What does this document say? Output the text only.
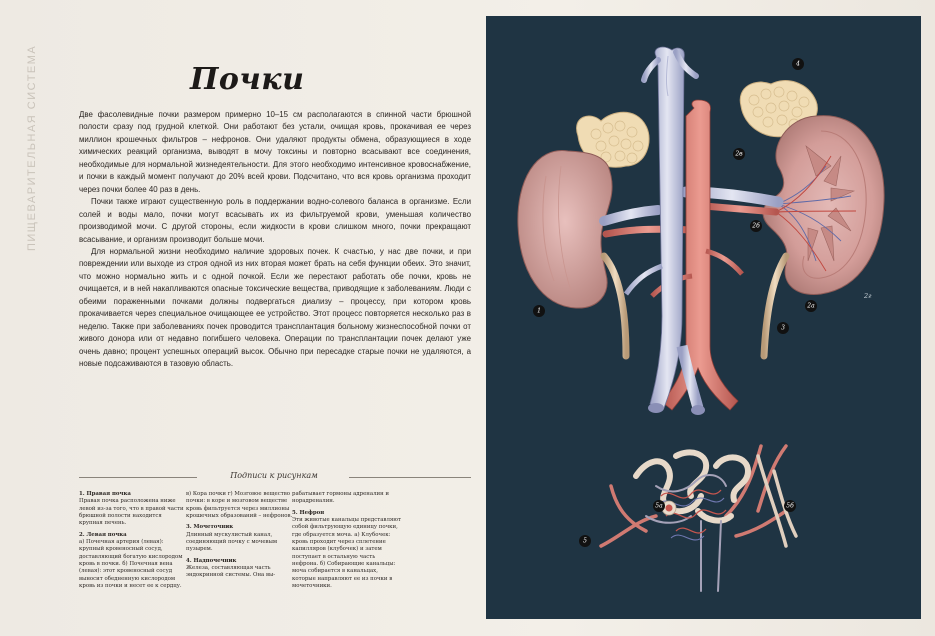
ПИЩЕВАРИТЕЛЬНАЯ СИСТЕМА	Почки

Две фасолевидные почки размером примерно 10–15 см располагаются в спинной части брюшной полости сразу под грудной клеткой. Они работают без устали, очищая кровь, прокачивая ее через миллион крошечных фильтров – нефронов. Они удаляют продукты обмена, образующиеся в ходе химических реакций организма, выводят в мочу токсины и повторно всасывают все соединения, необходимые для нормальной жизнедеятельности. Для этого необходимо интенсивное кровоснабжение, и почки в каждый момент получают до 20% всей крови. Подсчитано, что вся кровь организма проходит через почки более 40 раз в день.

Почки также играют существенную роль в поддержании водно-солевого баланса в организме. Если солей и воды мало, почки могут всасывать их из фильтруемой крови, уменьшая количество производимой мочи. С другой стороны, если жидкости в крови слишком много, почки прекращают всасывание, и организм производит больше мочи.

Для нормальной жизни необходимо наличие здоровых почек. К счастью, у нас две почки, и при повреждении или выходе из строя одной из них вторая может брать на себя функции обеих. Это значит, что можно нормально жить и с одной почкой. Если же перестают работать обе почки, кровь не очищается, и в ней накапливаются опасные токсические вещества, приводящие к заболеваниям. Люди с обеими пораженными почками должны подвергаться диализу – процессу, при котором кровь прокачивается через специальное очищающее ее устройство. Этот процесс повторяется несколько раз в неделю. Также при заболеваниях почек проводится трансплантация больному жизнеспособной почки от живого донора или от недавно погибшего человека. Операции по трансплантации почек делают уже очень давно; процент успешных операций высок. Обычно при пересадке старые почки не удаляются, а новые подсаживаются в тазовую область.

Подписи к рисункам

1. Правая почка

Правая почка расположена ниже левой из-за того, что в правой части брюшной полости находится крупная печень.

2. Левая почка

a) Почечная артерия (левая): крупный кровеносный сосуд, доставляющий богатую кислородом кровь в почки. б) Почечная вена (левая): этот кровеносный сосуд выносит обедненную кислородом кровь из почки и несет ее к сердцу.

в) Кора почки г) Мозговое вещество почки: в коре и мозговом веществе кровь фильтруется через миллионы крошечных образований – нефронов.

3. Мочеточник

Длинный мускулистый канал, соединяющий почку с мочевым пузырем.

4. Надпочечник

Железа, составляющая часть эндокринной системы. Она вы-

рабатывает гормоны адреналин и норадреналин.

5. Нефрон

Эти животые канальцы представляют собой фильтрующую единицу почки, где образуется моча. а) Клубочек: кровь проходит через сплетение капилляров (клубочек) и затем поступает в остальную часть нефрона. б) Собирающие канальцы: моча собирается в канальцах, которые направляют ее из почки в мочеточники.

1
2a
2б
2в
2г
3
4
5
5а	5б
